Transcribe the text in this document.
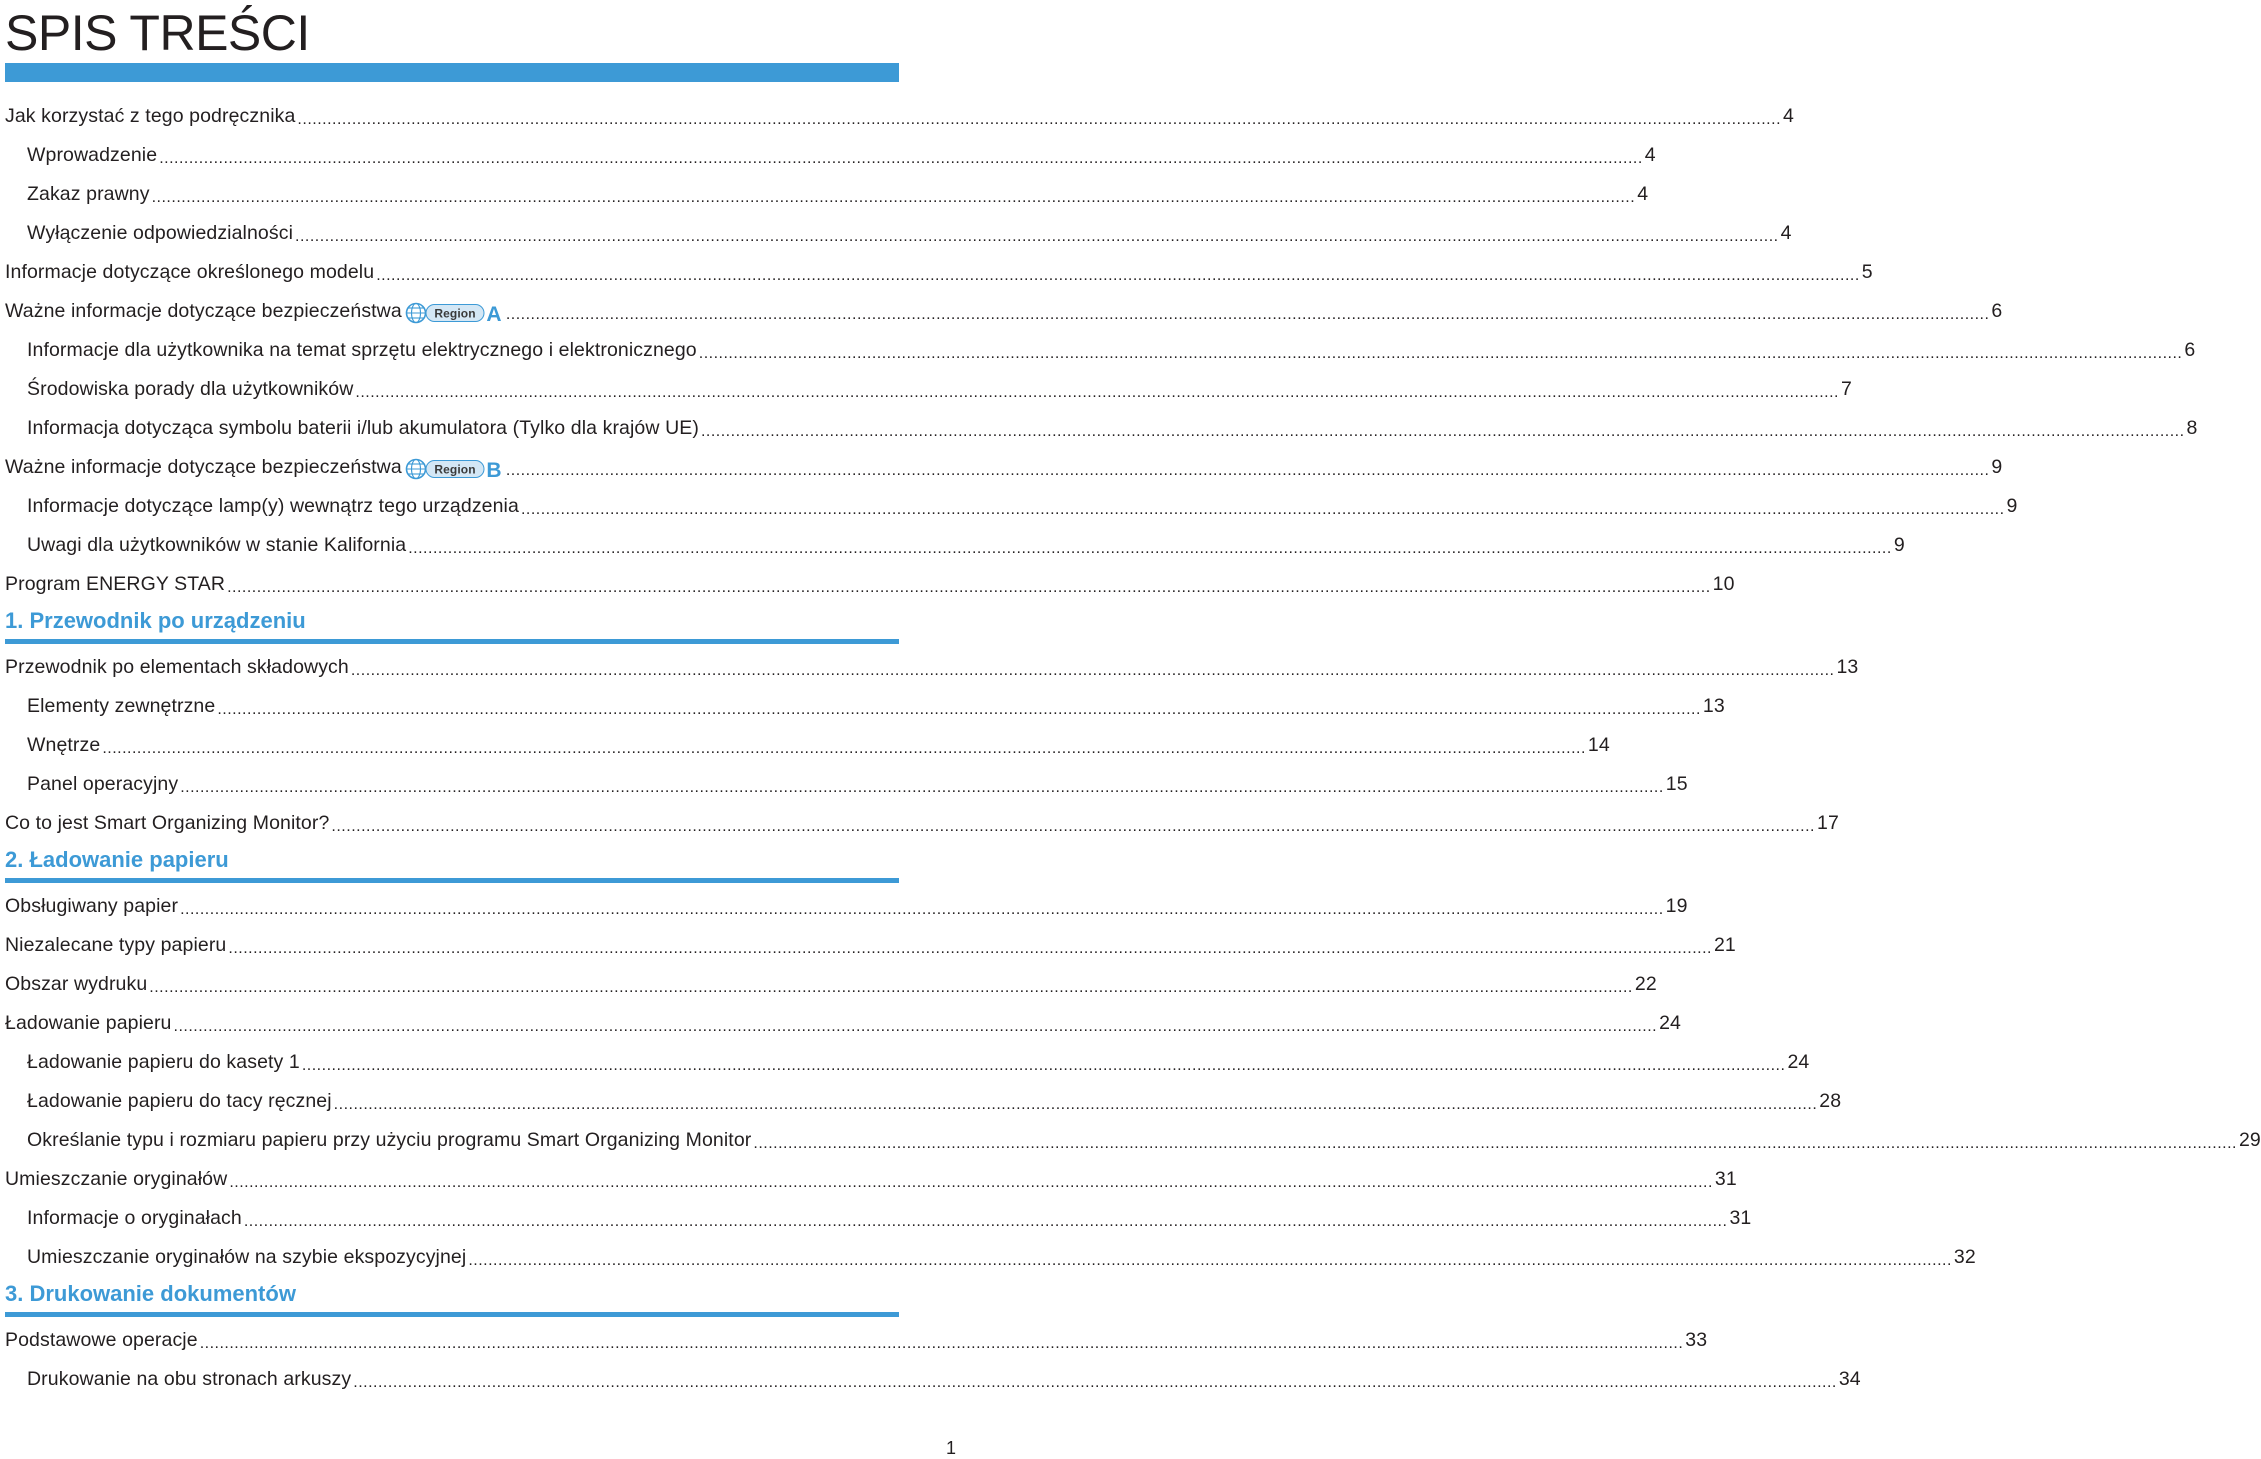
SPIS TREŚCI
Jak korzystać z tego podręcznika ............................................................................................................................................................................................................................................................................................................ 4
Wprowadzenie ............................................................................................................................................................................................................................................................................................................ 4
Zakaz prawny ............................................................................................................................................................................................................................................................................................................ 4
Wyłączenie odpowiedzialności ............................................................................................................................................................................................................................................................................................................ 4
Informacje dotyczące określonego modelu ............................................................................................................................................................................................................................................................................................................ 5
Ważne informacje dotyczące bezpieczeństwa	Region A ............................................................................................................................................................................................................................................................................................................ 6
Informacje dla użytkownika na temat sprzętu elektrycznego i elektronicznego ............................................................................................................................................................................................................................................................................................................ 6
Środowiska porady dla użytkowników ............................................................................................................................................................................................................................................................................................................ 7
Informacja dotycząca symbolu baterii i/lub akumulatora (Tylko dla krajów UE) ............................................................................................................................................................................................................................................................................................................ 8
Ważne informacje dotyczące bezpieczeństwa	Region B ............................................................................................................................................................................................................................................................................................................ 9
Informacje dotyczące lamp(y) wewnątrz tego urządzenia ............................................................................................................................................................................................................................................................................................................ 9
Uwagi dla użytkowników w stanie Kalifornia ............................................................................................................................................................................................................................................................................................................ 9
Program ENERGY STAR ............................................................................................................................................................................................................................................................................................................ 10
1. Przewodnik po urządzeniu
Przewodnik po elementach składowych ............................................................................................................................................................................................................................................................................................................ 13
Elementy zewnętrzne ............................................................................................................................................................................................................................................................................................................ 13
Wnętrze ............................................................................................................................................................................................................................................................................................................ 14
Panel operacyjny ............................................................................................................................................................................................................................................................................................................ 15
Co to jest Smart Organizing Monitor? ............................................................................................................................................................................................................................................................................................................ 17
2. Ładowanie papieru
Obsługiwany papier ............................................................................................................................................................................................................................................................................................................ 19
Niezalecane typy papieru ............................................................................................................................................................................................................................................................................................................ 21
Obszar wydruku ............................................................................................................................................................................................................................................................................................................ 22
Ładowanie papieru ............................................................................................................................................................................................................................................................................................................ 24
Ładowanie papieru do kasety 1 ............................................................................................................................................................................................................................................................................................................ 24
Ładowanie papieru do tacy ręcznej ............................................................................................................................................................................................................................................................................................................ 28
Określanie typu i rozmiaru papieru przy użyciu programu Smart Organizing Monitor ............................................................................................................................................................................................................................................................................................................ 29
Umieszczanie oryginałów ............................................................................................................................................................................................................................................................................................................ 31
Informacje o oryginałach ............................................................................................................................................................................................................................................................................................................ 31
Umieszczanie oryginałów na szybie ekspozycyjnej ............................................................................................................................................................................................................................................................................................................ 32
3. Drukowanie dokumentów
Podstawowe operacje ............................................................................................................................................................................................................................................................................................................ 33
Drukowanie na obu stronach arkuszy ............................................................................................................................................................................................................................................................................................................ 34
1
